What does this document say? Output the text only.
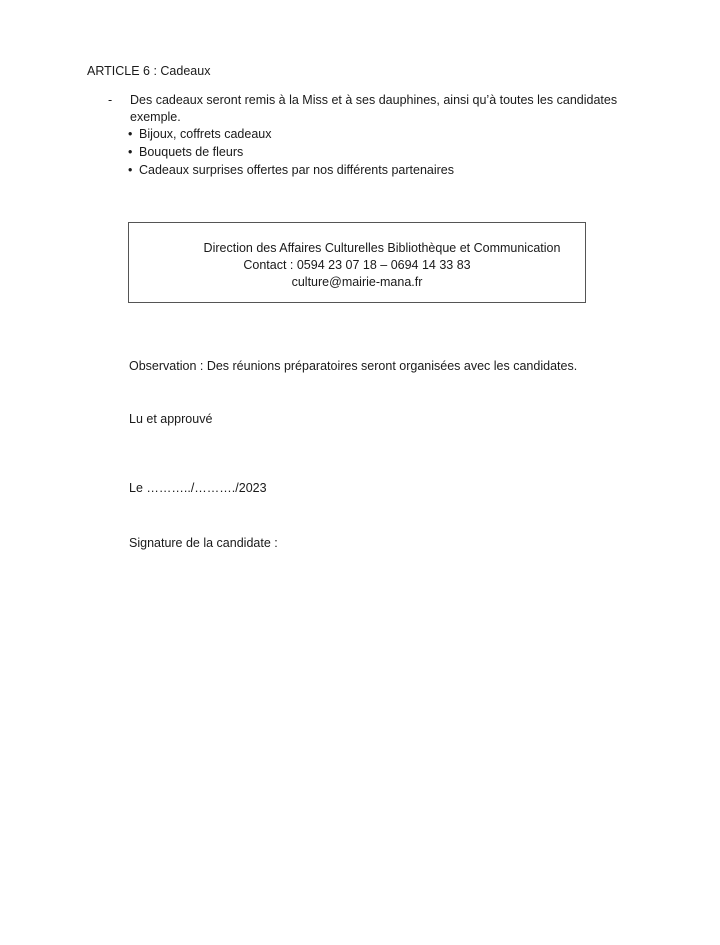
ARTICLE 6 : Cadeaux
- Des cadeaux seront remis à la Miss et à ses dauphines, ainsi qu’à toutes les candidates
exemple.
• Bijoux, coffrets cadeaux
• Bouquets de fleurs
• Cadeaux surprises offertes par nos différents partenaires
Direction des Affaires Culturelles Bibliothèque et Communication
Contact : 0594 23 07 18 – 0694 14 33 83
culture@mairie-mana.fr
Observation : Des réunions préparatoires seront organisées avec les candidates.
Lu et approuvé
Le ………../………./2023
Signature de la candidate :
